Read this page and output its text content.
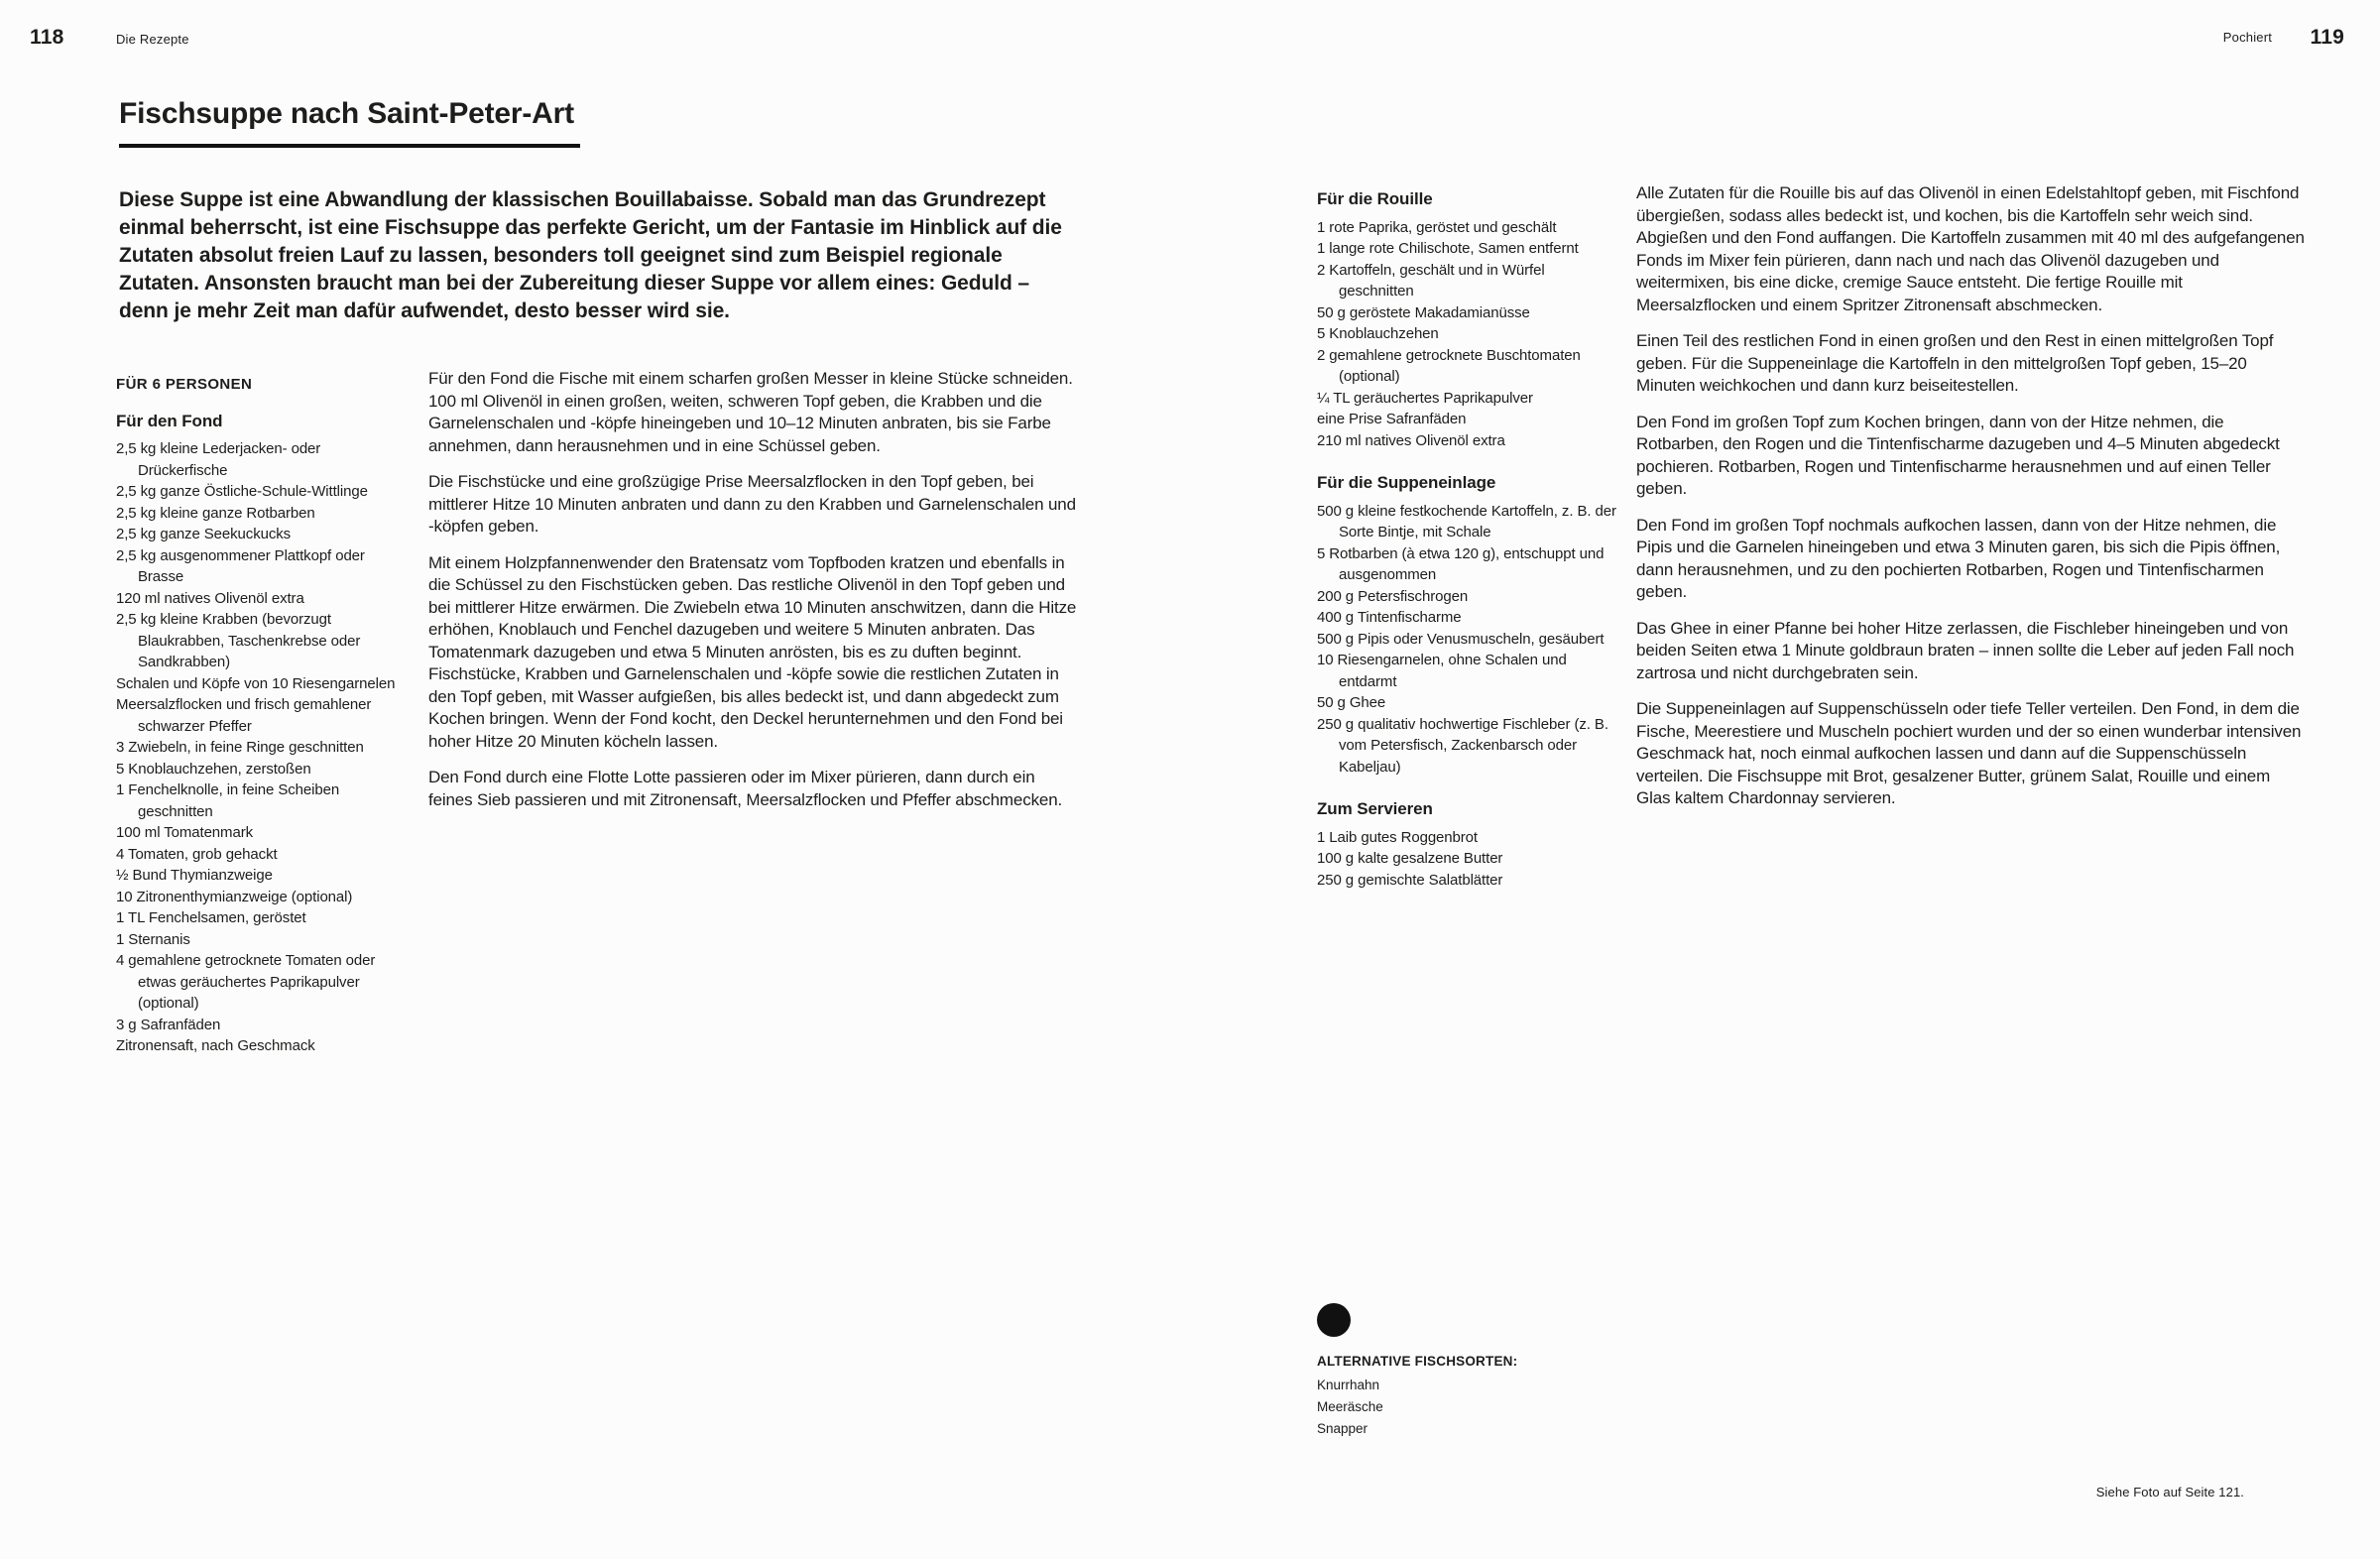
118	Die Rezepte	Pochiert 119
Fischsuppe nach Saint-Peter-Art

Diese Suppe ist eine Abwandlung der klassischen Bouillabaisse. Sobald man das Grundrezept einmal beherrscht, ist eine Fischsuppe das perfekte Gericht, um der Fantasie im Hinblick auf die Zutaten absolut freien Lauf zu lassen, besonders toll geeignet sind zum Beispiel regionale Zutaten. Ansonsten braucht man bei der Zubereitung dieser Suppe vor allem eines: Geduld – denn je mehr Zeit man dafür aufwendet, desto besser wird sie.

FÜR 6 PERSONEN
Für den Fond
2,5 kg kleine Lederjacken- oder Drückerfische
2,5 kg ganze Östliche-Schule-Wittlinge
2,5 kg kleine ganze Rotbarben
2,5 kg ganze Seekuckucks
2,5 kg ausgenommener Plattkopf oder Brasse
120 ml natives Olivenöl extra
2,5 kg kleine Krabben (bevorzugt Blaukrabben, Taschenkrebse oder Sandkrabben)
Schalen und Köpfe von 10 Riesengarnelen
Meersalzflocken und frisch gemahlener schwarzer Pfeffer
3 Zwiebeln, in feine Ringe geschnitten
5 Knoblauchzehen, zerstoßen
1 Fenchelknolle, in feine Scheiben geschnitten
100 ml Tomatenmark
4 Tomaten, grob gehackt
½ Bund Thymianzweige
10 Zitronenthymianzweige (optional)
1 TL Fenchelsamen, geröstet
1 Sternanis
4 gemahlene getrocknete Tomaten oder etwas geräuchertes Paprikapulver (optional)
3 g Safranfäden
Zitronensaft, nach Geschmack

Für den Fond die Fische mit einem scharfen großen Messer in kleine Stücke schneiden. 100 ml Olivenöl in einen großen, weiten, schweren Topf geben, die Krabben und die Garnelenschalen und -köpfe hineingeben und 10–12 Minuten anbraten, bis sie Farbe annehmen, dann herausnehmen und in eine Schüssel geben.

Die Fischstücke und eine großzügige Prise Meersalzflocken in den Topf geben, bei mittlerer Hitze 10 Minuten anbraten und dann zu den Krabben und Garnelenschalen und -köpfen geben.

Mit einem Holzpfannenwender den Bratensatz vom Topfboden kratzen und ebenfalls in die Schüssel zu den Fischstücken geben. Das restliche Olivenöl in den Topf geben und bei mittlerer Hitze erwärmen. Die Zwiebeln etwa 10 Minuten anschwitzen, dann die Hitze erhöhen, Knoblauch und Fenchel dazugeben und weitere 5 Minuten anbraten. Das Tomatenmark dazugeben und etwa 5 Minuten anrösten, bis es zu duften beginnt. Fischstücke, Krabben und Garnelenschalen und -köpfe sowie die restlichen Zutaten in den Topf geben, mit Wasser aufgießen, bis alles bedeckt ist, und dann abgedeckt zum Kochen bringen. Wenn der Fond kocht, den Deckel herunternehmen und den Fond bei hoher Hitze 20 Minuten köcheln lassen.

Den Fond durch eine Flotte Lotte passieren oder im Mixer pürieren, dann durch ein feines Sieb passieren und mit Zitronensaft, Meersalzflocken und Pfeffer abschmecken.

Für die Rouille
1 rote Paprika, geröstet und geschält
1 lange rote Chilischote, Samen entfernt
2 Kartoffeln, geschält und in Würfel geschnitten
50 g geröstete Makadamianüsse
5 Knoblauchzehen
2 gemahlene getrocknete Buschtomaten (optional)
¼ TL geräuchertes Paprikapulver
eine Prise Safranfäden
210 ml natives Olivenöl extra
Für die Suppeneinlage
500 g kleine festkochende Kartoffeln, z. B. der Sorte Bintje, mit Schale
5 Rotbarben (à etwa 120 g), entschuppt und ausgenommen
200 g Petersfischrogen
400 g Tintenfischarme
500 g Pipis oder Venusmuscheln, gesäubert
10 Riesengarnelen, ohne Schalen und entdarmt
50 g Ghee
250 g qualitativ hochwertige Fischleber (z. B. vom Petersfisch, Zackenbarsch oder Kabeljau)
Zum Servieren
1 Laib gutes Roggenbrot
100 g kalte gesalzene Butter
250 g gemischte Salatblätter

Alle Zutaten für die Rouille bis auf das Olivenöl in einen Edelstahltopf geben, mit Fischfond übergießen, sodass alles bedeckt ist, und kochen, bis die Kartoffeln sehr weich sind. Abgießen und den Fond auffangen. Die Kartoffeln zusammen mit 40 ml des aufgefangenen Fonds im Mixer fein pürieren, dann nach und nach das Olivenöl dazugeben und weitermixen, bis eine dicke, cremige Sauce entsteht. Die fertige Rouille mit Meersalzflocken und einem Spritzer Zitronensaft abschmecken.

Einen Teil des restlichen Fond in einen großen und den Rest in einen mittelgroßen Topf geben. Für die Suppeneinlage die Kartoffeln in den mittelgroßen Topf geben, 15–20 Minuten weichkochen und dann kurz beiseitestellen.

Den Fond im großen Topf zum Kochen bringen, dann von der Hitze nehmen, die Rotbarben, den Rogen und die Tintenfischarme dazugeben und 4–5 Minuten abgedeckt pochieren. Rotbarben, Rogen und Tintenfischarme herausnehmen und auf einen Teller geben.

Den Fond im großen Topf nochmals aufkochen lassen, dann von der Hitze nehmen, die Pipis und die Garnelen hineingeben und etwa 3 Minuten garen, bis sich die Pipis öffnen, dann herausnehmen, und zu den pochierten Rotbarben, Rogen und Tintenfischarmen geben.

Das Ghee in einer Pfanne bei hoher Hitze zerlassen, die Fischleber hineingeben und von beiden Seiten etwa 1 Minute goldbraun braten – innen sollte die Leber auf jeden Fall noch zartrosa und nicht durchgebraten sein.

Die Suppeneinlagen auf Suppenschüsseln oder tiefe Teller verteilen. Den Fond, in dem die Fische, Meerestiere und Muscheln pochiert wurden und der so einen wunderbar intensiven Geschmack hat, noch einmal aufkochen lassen und dann auf die Suppenschüsseln verteilen. Die Fischsuppe mit Brot, gesalzener Butter, grünem Salat, Rouille und einem Glas kaltem Chardonnay servieren.

ALTERNATIVE FISCHSORTEN:
Knurrhahn
Meeräsche
Snapper
Siehe Foto auf Seite 121.
